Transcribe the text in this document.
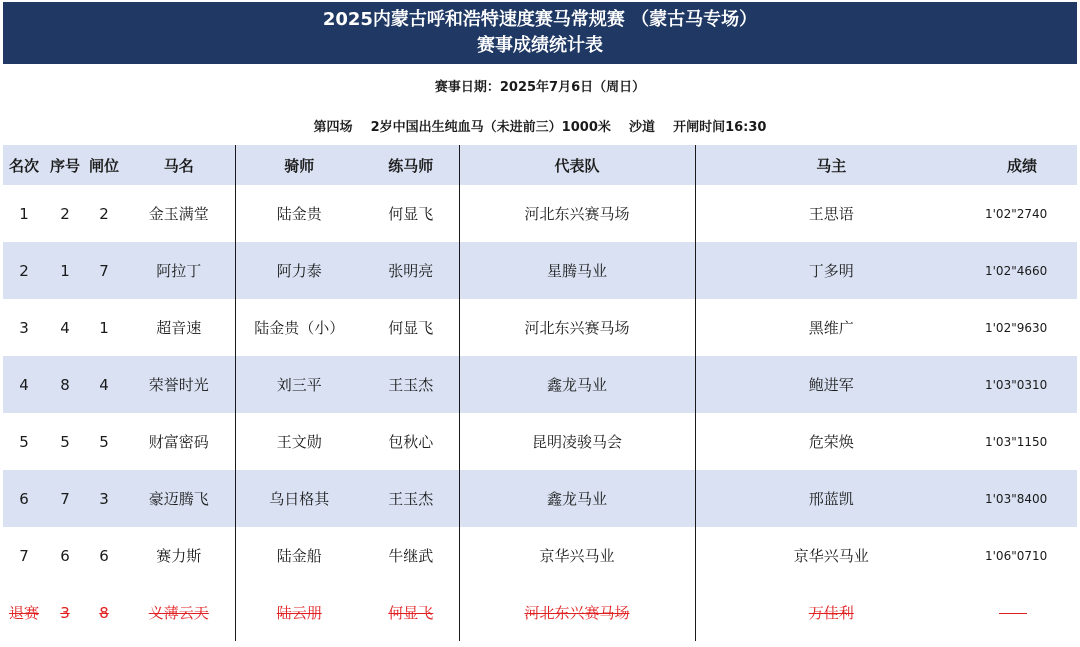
2025内蒙古呼和浩特速度赛马常规赛 （蒙古马专场）
赛事成绩统计表
赛事日期：2025年7月6日（周日）
第四场    2岁中国出生纯血马（未进前三）1000米    沙道    开闸时间16:30
名次	序号	闸位	马名	骑师	练马师	代表队	马主	成绩
1	2	2	金玉满堂	陆金贵	何显飞	河北东兴赛马场	王思语	1'02"2740
2	1	7	阿拉丁	阿力泰	张明亮	星腾马业	丁多明	1'02"4660
3	4	1	超音速	陆金贵（小）	何显飞	河北东兴赛马场	黑维广	1'02"9630
4	8	4	荣誉时光	刘三平	王玉杰	鑫龙马业	鲍进军	1'03"0310
5	5	5	财富密码	王文勋	包秋心	昆明凌骏马会	危荣焕	1'03"1150
6	7	3	豪迈腾飞	乌日格其	王玉杰	鑫龙马业	邢蓝凯	1'03"8400
7	6	6	赛力斯	陆金船	牛继武	京华兴马业	京华兴马业	1'06"0710
退赛	3	8	义薄云天	陆云朋	何显飞	河北东兴赛马场	万佳利	
